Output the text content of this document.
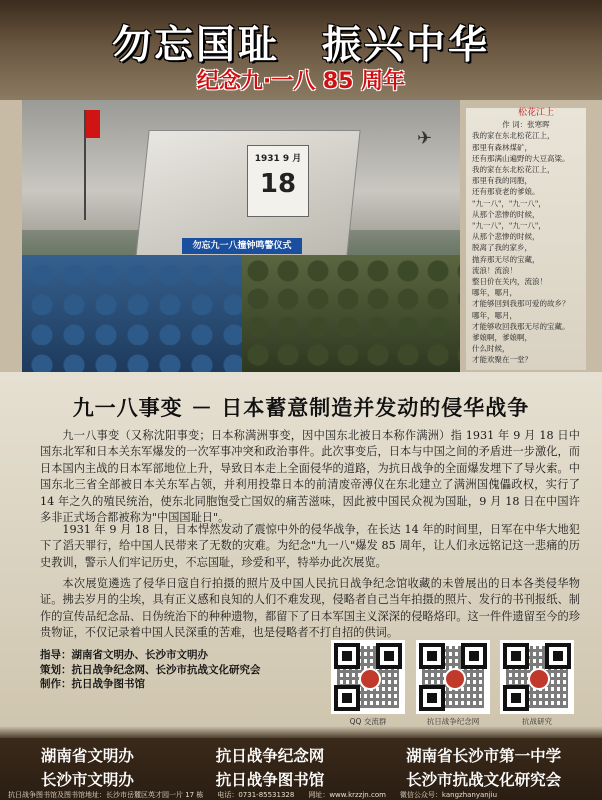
勿忘国耻　振兴中华
纪念九·一八 85 周年
✈
1931 9 月
18
勿忘九一八撞钟鸣警仪式
松花江上
作 词：张寒晖
我的家在东北松花江上，
那里有森林煤矿，
还有那满山遍野的大豆高粱。
我的家在东北松花江上，
那里有我的同胞，
还有那衰老的爹娘。
"九一八"，"九一八"，
从那个悲惨的时候，
"九一八"，"九一八"，
从那个悲惨的时候，
脱离了我的家乡，
抛弃那无尽的宝藏，
流浪！流浪！
整日价在关内，流浪！
哪年，哪月，
才能够回到我那可爱的故乡？
哪年，哪月，
才能够收回我那无尽的宝藏。
爹娘啊，爹娘啊，
什么时候，
才能欢聚在一堂？
九一八事变 － 日本蓄意制造并发动的侵华战争
九一八事变（又称沈阳事变；日本称满洲事变，因中国东北被日本称作满洲）指 1931 年 9 月 18 日中国东北军和日本关东军爆发的一次军事冲突和政治事件。此次事变后，日本与中国之间的矛盾进一步激化，而日本国内主战的日本军部地位上升，导致日本走上全面侵华的道路，为抗日战争的全面爆发埋下了导火索。中国东北三省全部被日本关东军占领，并利用投靠日本的前清废帝溥仪在东北建立了满洲国傀儡政权，实行了 14 年之久的殖民统治，使东北同胞饱受亡国奴的痛苦滋味，因此被中国民众视为国耻，9 月 18 日在中国许多非正式场合都被称为"中国国耻日"。
1931 年 9 月 18 日，日本悍然发动了震惊中外的侵华战争，在长达 14 年的时间里，日军在中华大地犯下了滔天罪行，给中国人民带来了无数的灾难。为纪念"九一八"爆发 85 周年，让人们永远铭记这一悲痛的历史教训，警示人们牢记历史，不忘国耻，珍爱和平，特举办此次展览。
本次展览遴选了侵华日寇自行拍摄的照片及中国人民抗日战争纪念馆收藏的未曾展出的日本各类侵华物证。拂去岁月的尘埃，具有正义感和良知的人们不难发现，侵略者自己当年拍摄的照片、发行的书刊报纸、制作的宣传品纪念品、日伪统治下的种种遗物，都留下了日本军国主义深深的侵略烙印。这一件件遗留至今的珍贵物证，不仅记录着中国人民深重的苦难，也是侵略者不打自招的供词。
指导：湖南省文明办、长沙市文明办
策划：抗日战争纪念网、长沙市抗战文化研究会
制作：抗日战争图书馆
QQ 交流群	抗日战争纪念网	抗战研究
湖南省文明办	抗日战争纪念网	湖南省长沙市第一中学
长沙市文明办	抗日战争图书馆	长沙市抗战文化研究会
抗日战争图书馆及图书馆地址：长沙市岳麓区英才园一片 17 栋　　电话：0731-85531328　　网址：www.krzzjn.com　　微信公众号：kangzhanyanjiu
